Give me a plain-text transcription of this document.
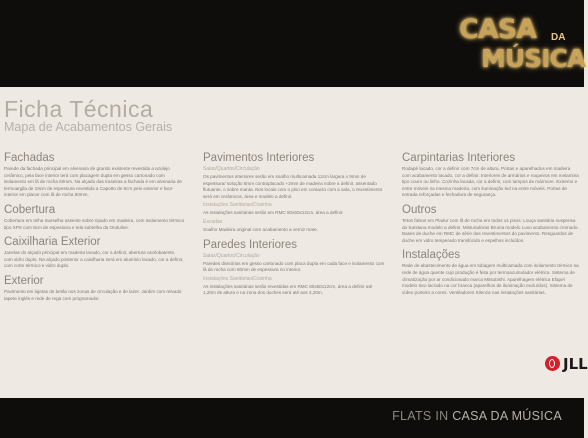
CASA DA
MÚSICA
Ficha Técnica
Mapa de Acabamentos Gerais
Fachadas

Parede da fachada principal em alvenaria de granito existente revestida a azulejo cerâmico, pela face interior terá com placagem dupla em gesso cartonado com isolamento em lã de rocha 50mm. Na alçado das traseiras a fachada é em alvenaria de termoargila de 19cm de espessura revestida a Capotto de 8cm pelo exterior e face interior em placar com lã de rocha 50mm.

Cobertura

Cobertura em telha marselha assente sobre ripado em madeira, com isolamento térmico tipo XPS com 8cm de espessura e tela subtelha da Onduline.

Caixilharia Exterior

Janelas do alçado principal em madeira lacado, cor a definir, abertura oscilobatente, com vidro duplo. Na alçado posterior a caixilharia será em alumínio lacado, cor a definir, com corte térmico e vidro duplo.

Exterior

Pavimento em lajetas de betão nos zonas de circulação e de lazer. Jardim com relvado tapete inglês e rede de rega com programador.

Pavimentos Interiores
Salas/Quartos/Circulação

Os pavimentos interiores serão em soalho multicamada 12cm largura x 9mm de espessura/ solução 8mm contraplacado +3mm de madeira nobre a definir, assentado flutuante, o sobre manta. Nos locais com o piso em contacto com a sala, o revestimento será em cerâmicos, área e modelo a definir.

Instalações Sanitárias/Cozinha

As instalações sanitárias serão em RMC 60x60x12cm, área a definir.

Escadas

Soalho Madeira original com acabamento a verniz mate.

Paredes Interiores
Salas/Quartos/Circulação

Paredes divisórias em gesso cartonado com placa dupla em cada face e isolamento com lã de rocha com 50mm de espessura no interior.

Instalações Sanitárias/Cozinha

As instalações sanitárias serão revestidas em RMC 60x60x12cm, área a definir até 1,20m de altura e na zona dos duches será até aos 2,20m.

Carpintarias Interiores

Rodapé lacado, cor a definir com 7cm de altura. Portas e aparelhados em madeira com acabamento lacado, cor a definir. Interiores de armários e roupeiros em melamina tipo couro ou linho. Cozinha lacada, cor a definir, com tampos de mármore. Extremo e entre móveis na mesma madeira, com iluminação led na entre móveis. Portas de entrada reforçadas e fechadura de segurança.

Outros

Tetos falsos em Pladur com lã de rocha em todos os pisos. Louça sanitária suspensa da Sanitana modelo a definir. Misturadoras Bruma modelo Luxo acabamento cromado. Bases de duche em RMC de série dos revestimentos do pavimento. Resguardos de duche em vidro temperado translúcido e espelhos incluídos.

Instalações

Rede de abastecimento de água em tubagem multicamada com isolamento térmico na rede de água quente cujo produção é feita por termoacumulador elétrico. Sistema de climatização por ar condicionado marca Mitsubishi. Aparelhagem elétrica Efapel modelo Seo lacrado na cor branca (aparelhos de iluminação excluídos). Sistema de vídeo porteiro a cores. Ventiladores Silenza nas instalações sanitárias.

JLL
FLATS IN CASA DA MÚSICA
